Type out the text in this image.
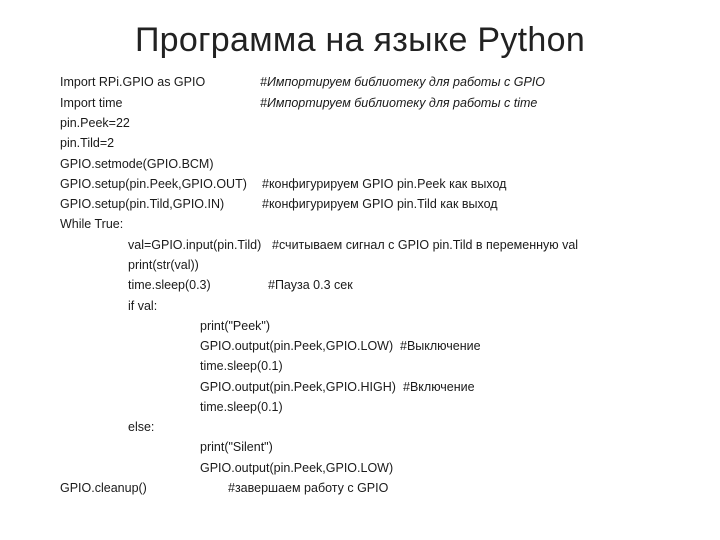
Программа на языке Python
Import RPi.GPIO as GPIO	#Импортируем библиотеку для работы с GPIO
Import time	#Импортируем библиотеку для работы с time
pin.Peek=22
pin.Tild=2
GPIO.setmode(GPIO.BCM)
GPIO.setup(pin.Peek,GPIO.OUT) #конфигурируем GPIO pin.Peek как выход
GPIO.setup(pin.Tild,GPIO.IN)	#конфигурируем GPIO pin.Tild как выход
While True:
val=GPIO.input(pin.Tild) #считываем сигнал с GPIO pin.Tild в переменную val
print(str(val))
time.sleep(0.3)	#Пауза 0.3 сек
if val:
print("Peek")
GPIO.output(pin.Peek,GPIO.LOW) #Выключение
time.sleep(0.1)
GPIO.output(pin.Peek,GPIO.HIGH) #Включение
time.sleep(0.1)
else:
print("Silent")
GPIO.output(pin.Peek,GPIO.LOW)
GPIO.cleanup()	#завершаем работу с GPIO
